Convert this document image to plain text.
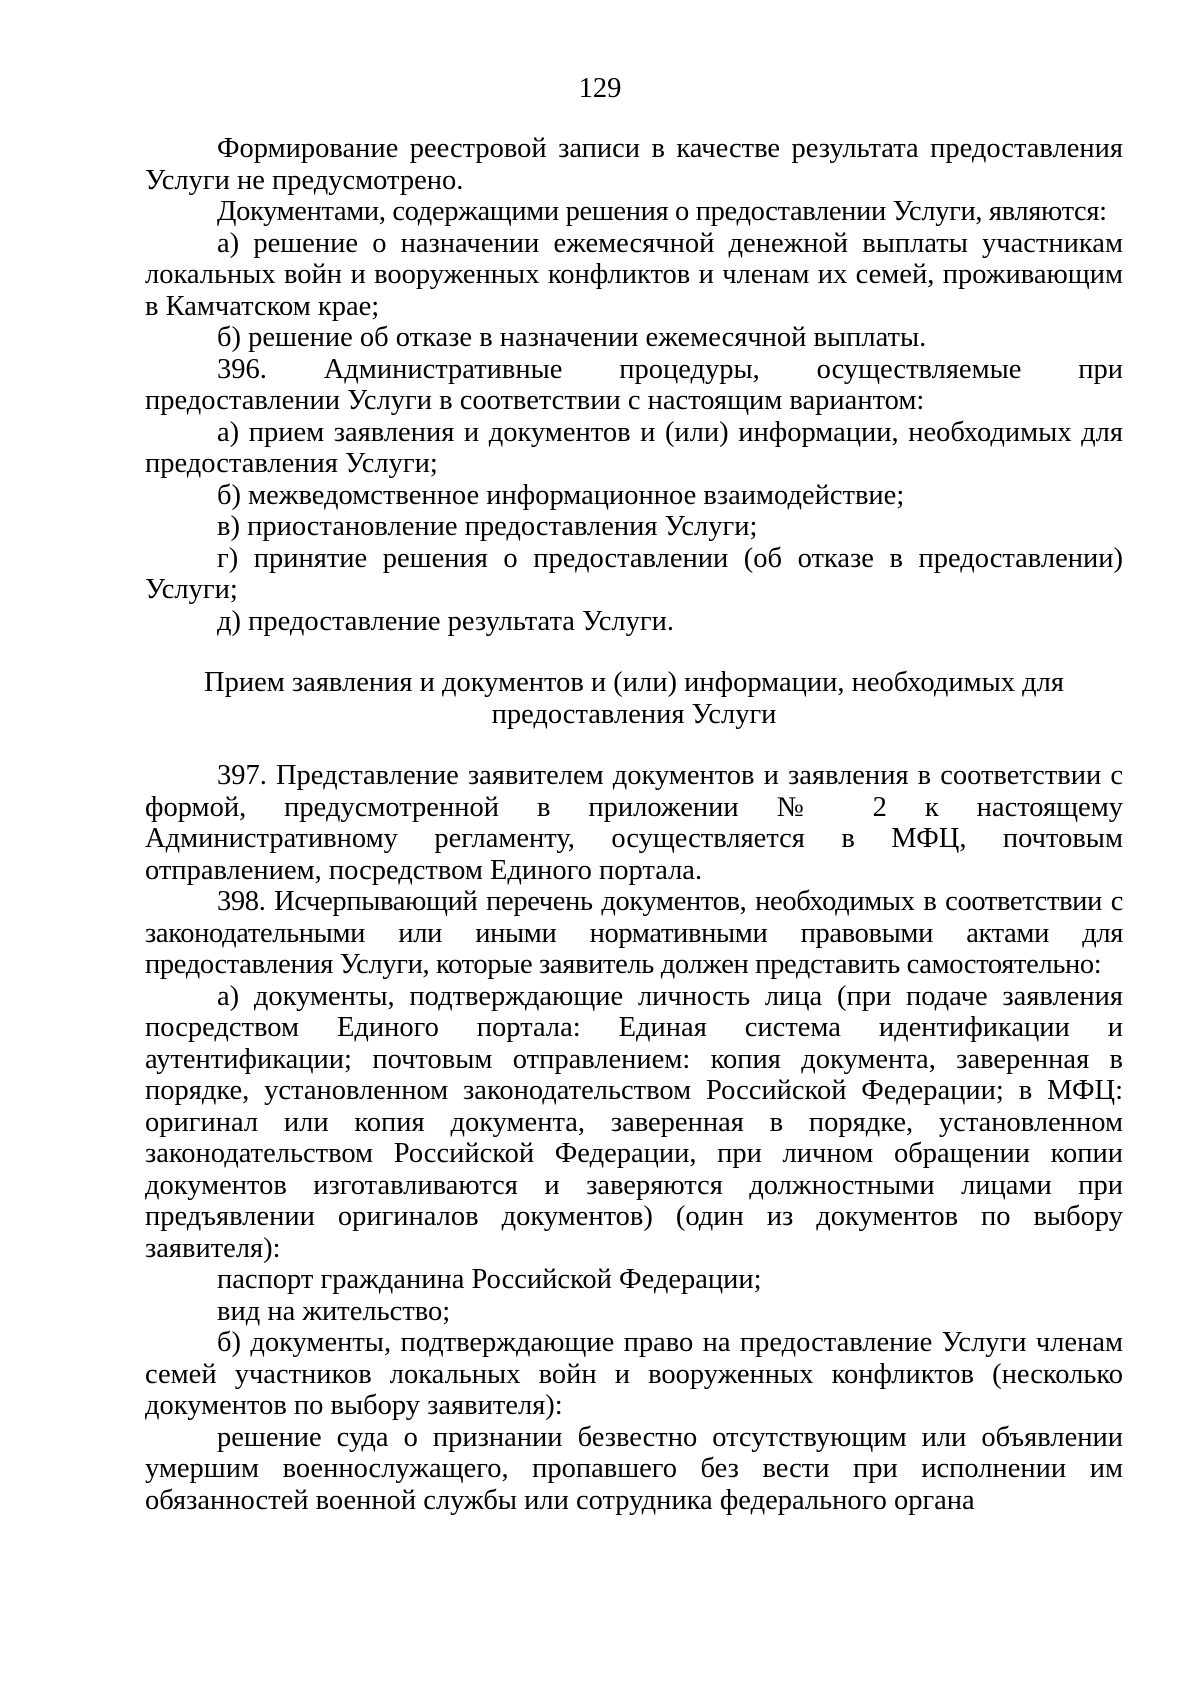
129

Формирование реестровой записи в качестве результата предоставления Услуги не предусмотрено.

Документами, содержащими решения о предоставлении Услуги, являются:

а) решение о назначении ежемесячной денежной выплаты участникам локальных войн и вооруженных конфликтов и членам их семей, проживающим в Камчатском крае;

б) решение об отказе в назначении ежемесячной выплаты.

396. Административные процедуры, осуществляемые при предоставлении Услуги в соответствии с настоящим вариантом:

а) прием заявления и документов и (или) информации, необходимых для предоставления Услуги;

б) межведомственное информационное взаимодействие;

в) приостановление предоставления Услуги;

г) принятие решения о предоставлении (об отказе в предоставлении) Услуги;

д) предоставление результата Услуги.

Прием заявления и документов и (или) информации, необходимых для предоставления Услуги

397. Представление заявителем документов и заявления в соответствии с формой, предусмотренной в приложении № 2 к настоящему Административному регламенту, осуществляется в МФЦ, почтовым отправлением, посредством Единого портала.

398. Исчерпывающий перечень документов, необходимых в соответствии с законодательными или иными нормативными правовыми актами для предоставления Услуги, которые заявитель должен представить самостоятельно:

а) документы, подтверждающие личность лица (при подаче заявления посредством Единого портала: Единая система идентификации и аутентификации; почтовым отправлением: копия документа, заверенная в порядке, установленном законодательством Российской Федерации; в МФЦ: оригинал или копия документа, заверенная в порядке, установленном законодательством Российской Федерации, при личном обращении копии документов изготавливаются и заверяются должностными лицами при предъявлении оригиналов документов) (один из документов по выбору заявителя):

паспорт гражданина Российской Федерации;

вид на жительство;

б) документы, подтверждающие право на предоставление Услуги членам семей участников локальных войн и вооруженных конфликтов (несколько документов по выбору заявителя):

решение суда о признании безвестно отсутствующим или объявлении умершим военнослужащего, пропавшего без вести при исполнении им обязанностей военной службы или сотрудника федерального органа
